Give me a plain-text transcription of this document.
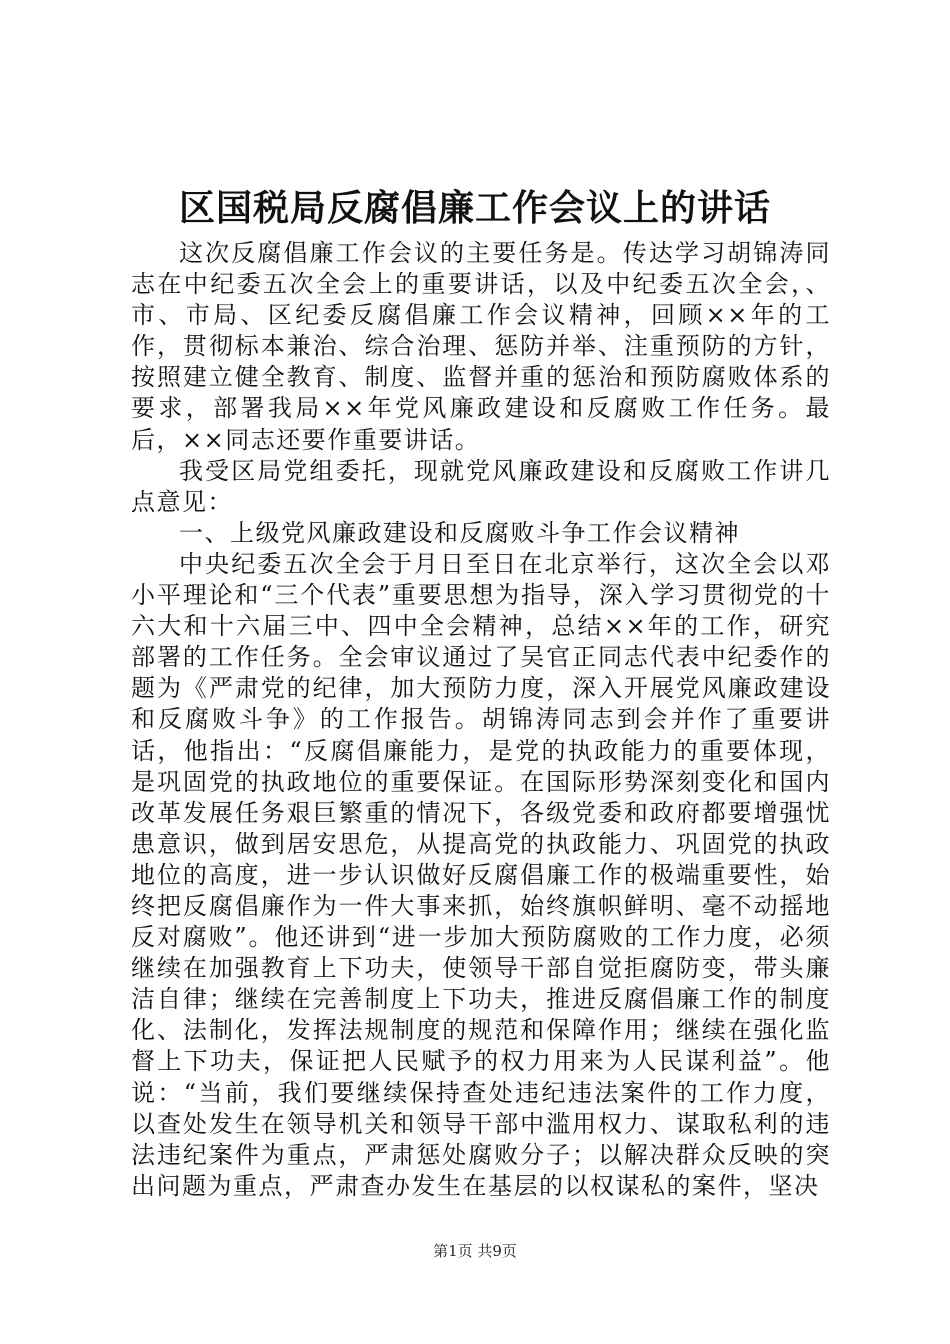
区国税局反腐倡廉工作会议上的讲话

这次反腐倡廉工作会议的主要任务是。传达学习胡锦涛同志在中纪委五次全会上的重要讲话，以及中纪委五次全会，、市、市局、区纪委反腐倡廉工作会议精神，回顾××年的工作，贯彻标本兼治、综合治理、惩防并举、注重预防的方针，按照建立健全教育、制度、监督并重的惩治和预防腐败体系的要求，部署我局××年党风廉政建设和反腐败工作任务。最后，××同志还要作重要讲话。

我受区局党组委托，现就党风廉政建设和反腐败工作讲几点意见：

一、上级党风廉政建设和反腐败斗争工作会议精神

中央纪委五次全会于月日至日在北京举行，这次全会以邓小平理论和“三个代表”重要思想为指导，深入学习贯彻党的十六大和十六届三中、四中全会精神，总结××年的工作，研究部署的工作任务。全会审议通过了吴官正同志代表中纪委作的题为《严肃党的纪律，加大预防力度，深入开展党风廉政建设和反腐败斗争》的工作报告。胡锦涛同志到会并作了重要讲话，他指出：“反腐倡廉能力，是党的执政能力的重要体现，是巩固党的执政地位的重要保证。在国际形势深刻变化和国内改革发展任务艰巨繁重的情况下，各级党委和政府都要增强忧患意识，做到居安思危，从提高党的执政能力、巩固党的执政地位的高度，进一步认识做好反腐倡廉工作的极端重要性，始终把反腐倡廉作为一件大事来抓，始终旗帜鲜明、毫不动摇地反对腐败”。他还讲到“进一步加大预防腐败的工作力度，必须继续在加强教育上下功夫，使领导干部自觉拒腐防变，带头廉洁自律；继续在完善制度上下功夫，推进反腐倡廉工作的制度化、法制化，发挥法规制度的规范和保障作用；继续在强化监督上下功夫，保证把人民赋予的权力用来为人民谋利益”。他说：“当前，我们要继续保持查处违纪违法案件的工作力度，以查处发生在领导机关和领导干部中滥用权力、谋取私利的违法违纪案件为重点，严肃惩处腐败分子；以解决群众反映的突出问题为重点，严肃查办发生在基层的以权谋私的案件，坚决

第1页 共9页
